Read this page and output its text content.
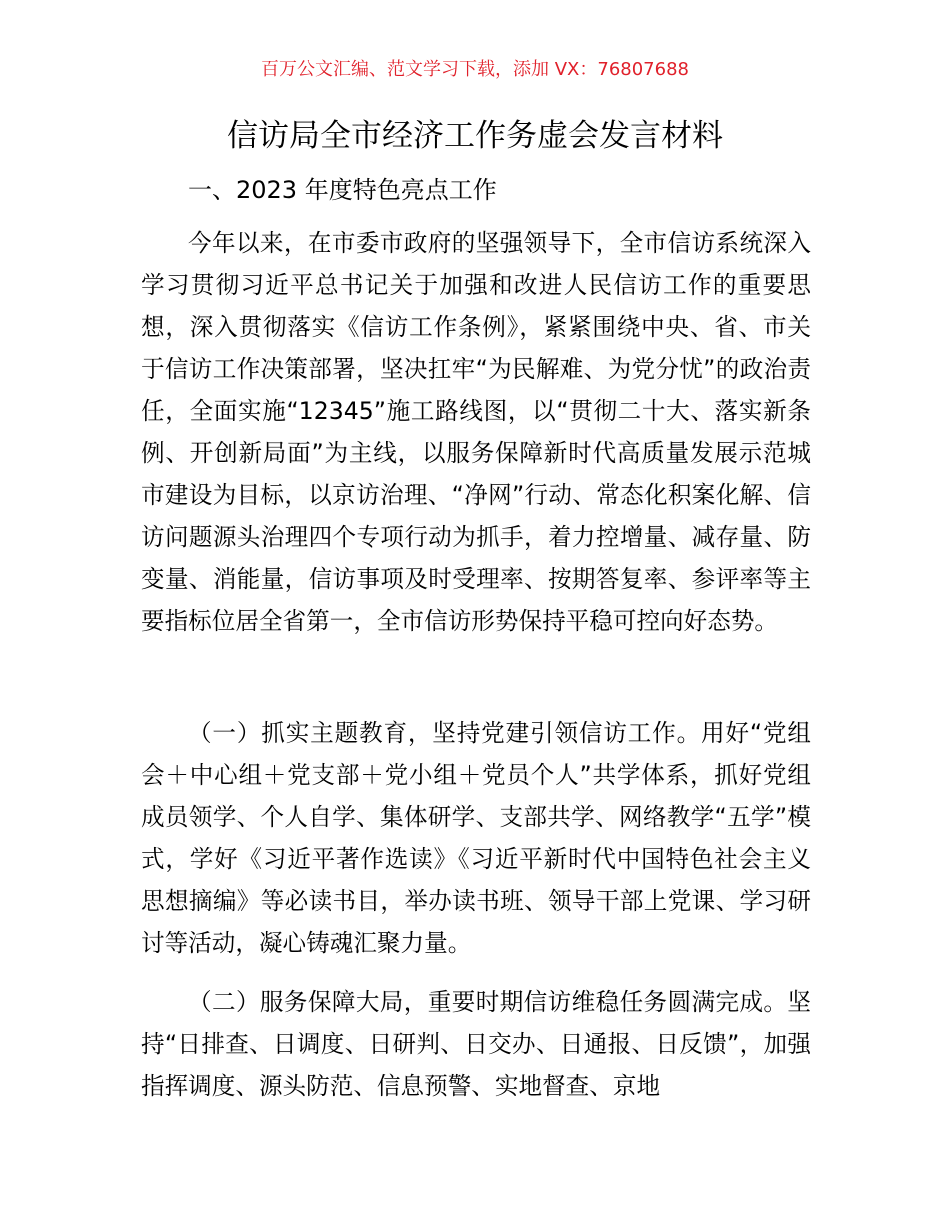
百万公文汇编、范文学习下载，添加 VX：76807688
信访局全市经济工作务虚会发言材料
一、2023 年度特色亮点工作

今年以来，在市委市政府的坚强领导下，全市信访系统深入学习贯彻习近平总书记关于加强和改进人民信访工作的重要思想，深入贯彻落实《信访工作条例》，紧紧围绕中央、省、市关于信访工作决策部署，坚决扛牢“为民解难、为党分忧”的政治责任，全面实施“12345”施工路线图，以“贯彻二十大、落实新条例、开创新局面”为主线，以服务保障新时代高质量发展示范城市建设为目标，以京访治理、“净网”行动、常态化积案化解、信访问题源头治理四个专项行动为抓手，着力控增量、减存量、防变量、消能量，信访事项及时受理率、按期答复率、参评率等主要指标位居全省第一，全市信访形势保持平稳可控向好态势。

（一）抓实主题教育，坚持党建引领信访工作。用好“党组会＋中心组＋党支部＋党小组＋党员个人”共学体系，抓好党组成员领学、个人自学、集体研学、支部共学、网络教学“五学”模式，学好《习近平著作选读》《习近平新时代中国特色社会主义思想摘编》等必读书目，举办读书班、领导干部上党课、学习研讨等活动，凝心铸魂汇聚力量。

（二）服务保障大局，重要时期信访维稳任务圆满完成。坚持“日排查、日调度、日研判、日交办、日通报、日反馈”，加强指挥调度、源头防范、信息预警、实地督查、京地
